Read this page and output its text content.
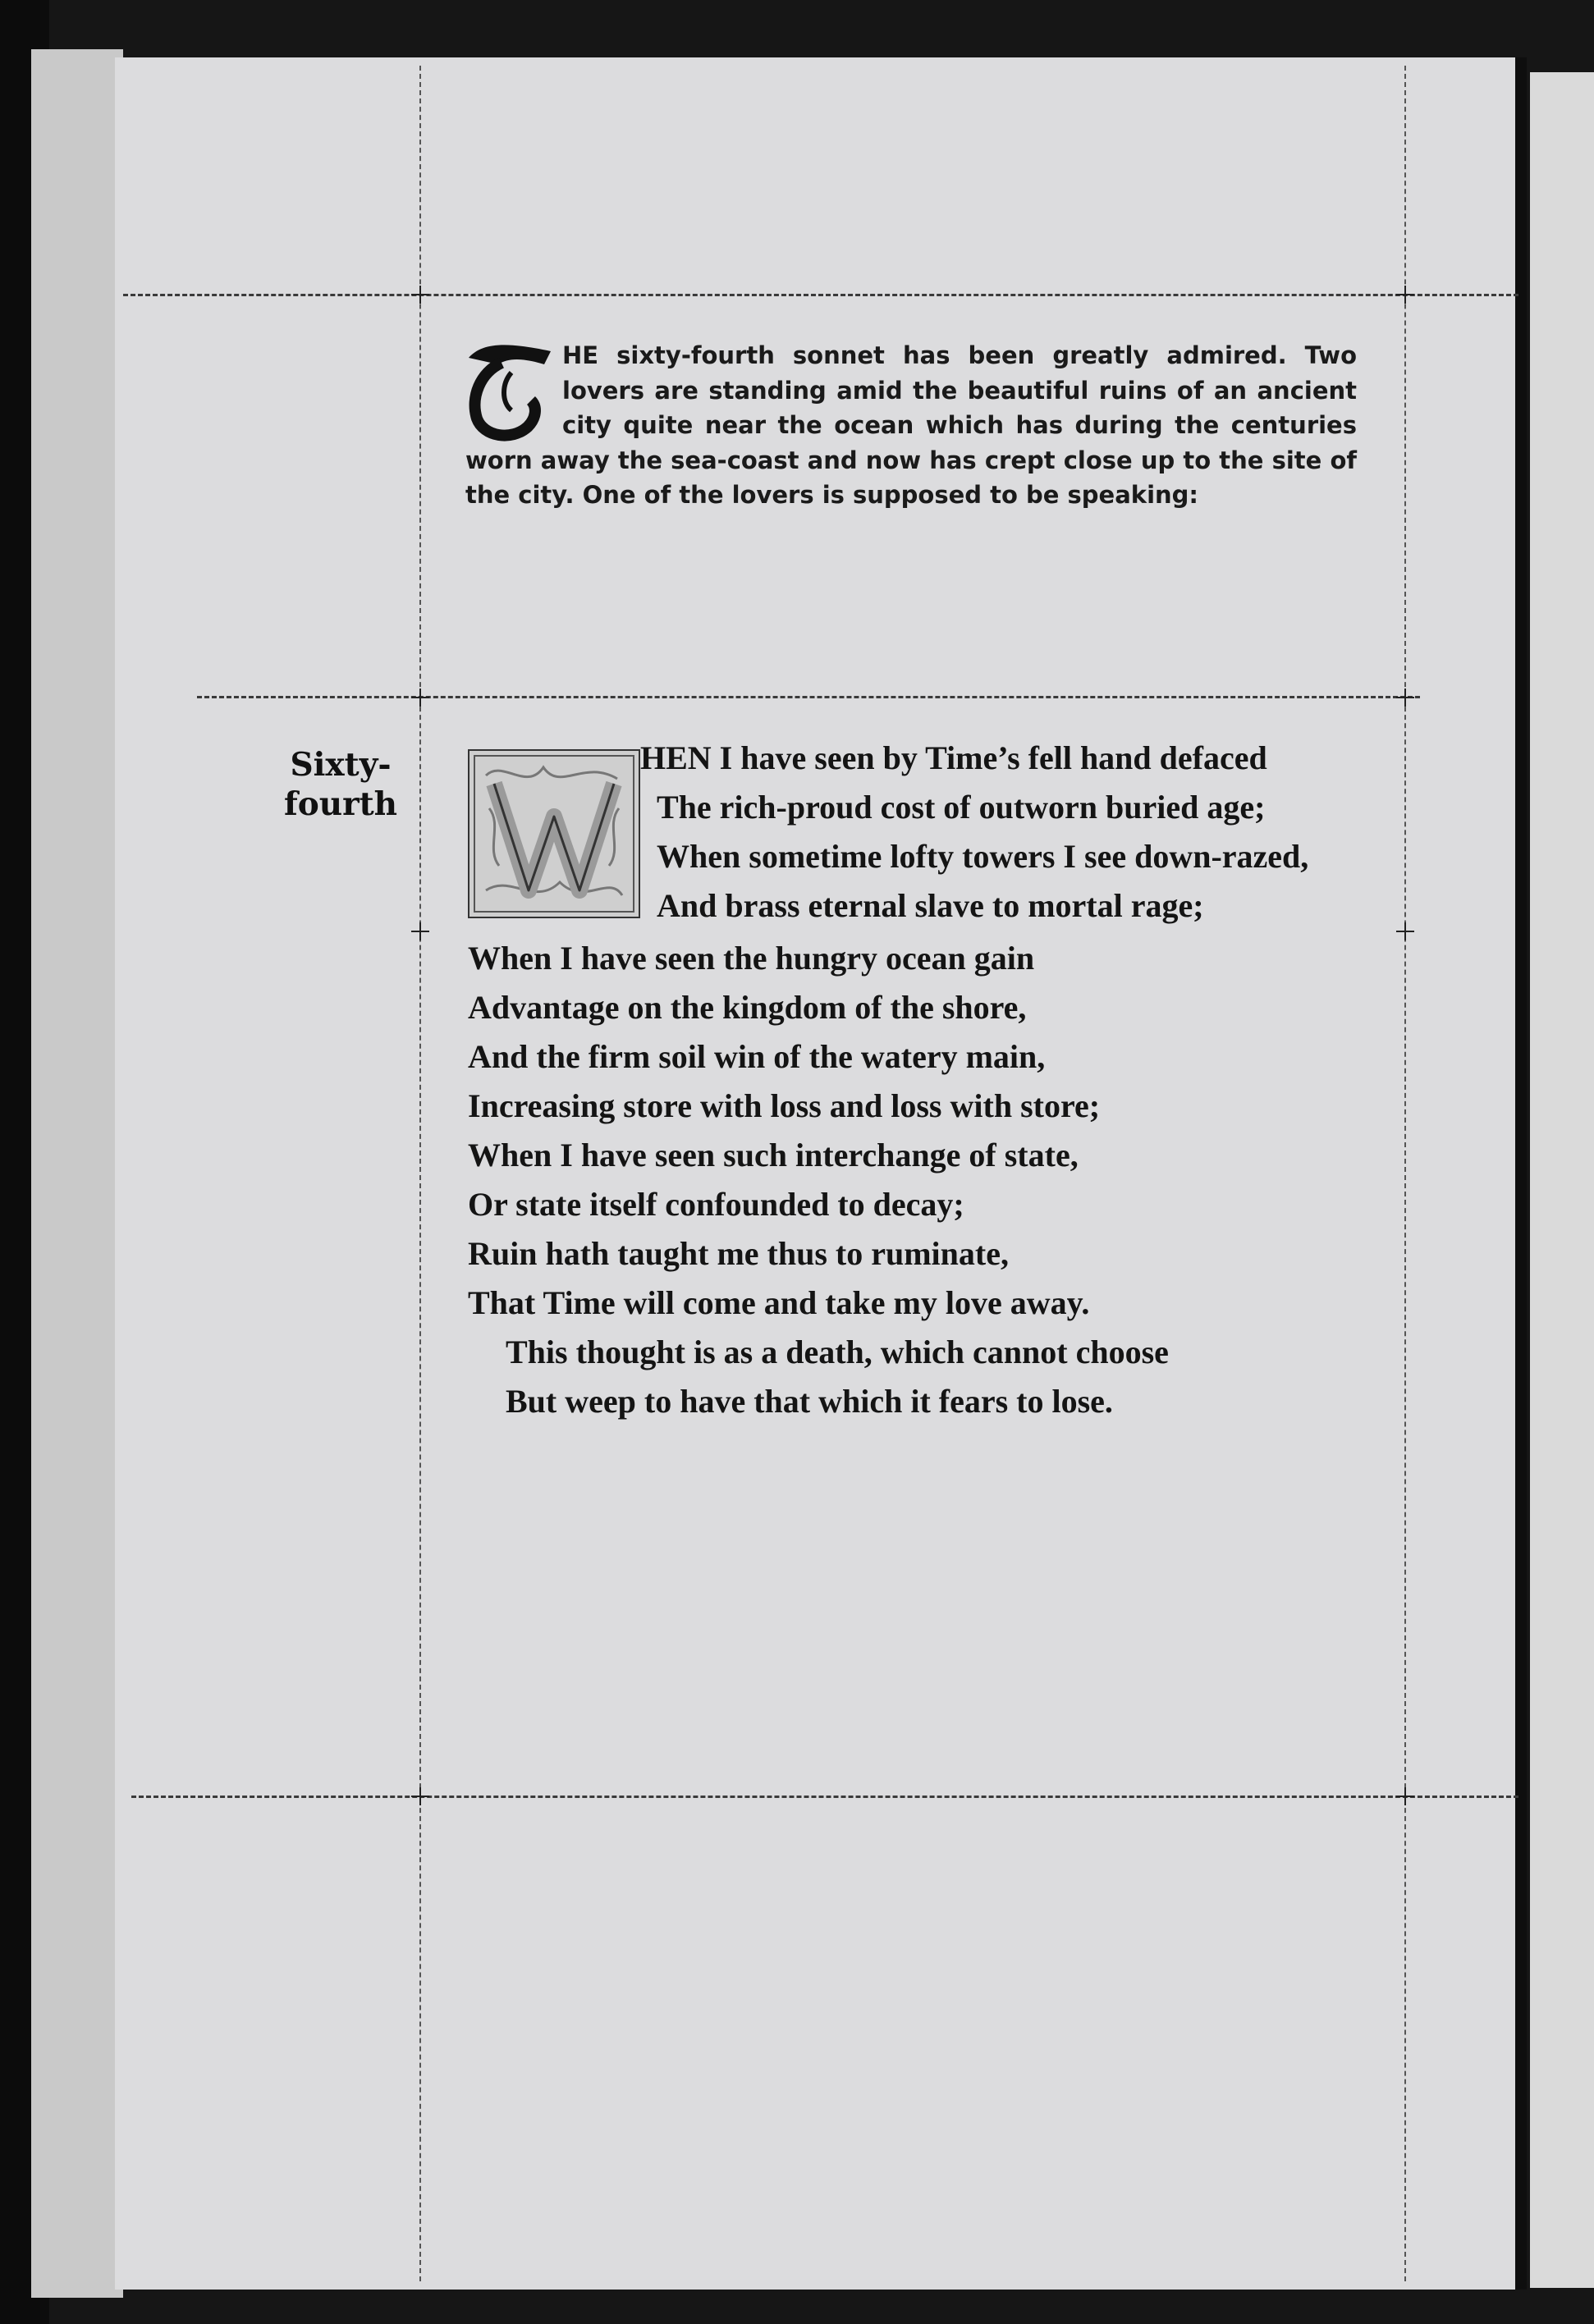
HE sixty-fourth sonnet has been greatly admired. Two lovers are standing amid the beautiful ruins of an ancient city quite near the ocean which has during the centuries worn away the sea-coast and now has crept close up to the site of the city. One of the lovers is supposed to be speaking:

Sixty-
fourth
HEN I have seen by Time’s fell hand defaced
The rich-proud cost of outworn buried age;
When sometime lofty towers I see down-razed,
And brass eternal slave to mortal rage;
When I have seen the hungry ocean gain
Advantage on the kingdom of the shore,
And the firm soil win of the watery main,
Increasing store with loss and loss with store;
When I have seen such interchange of state,
Or state itself confounded to decay;
Ruin hath taught me thus to ruminate,
That Time will come and take my love away.
This thought is as a death, which cannot choose
But weep to have that which it fears to lose.
